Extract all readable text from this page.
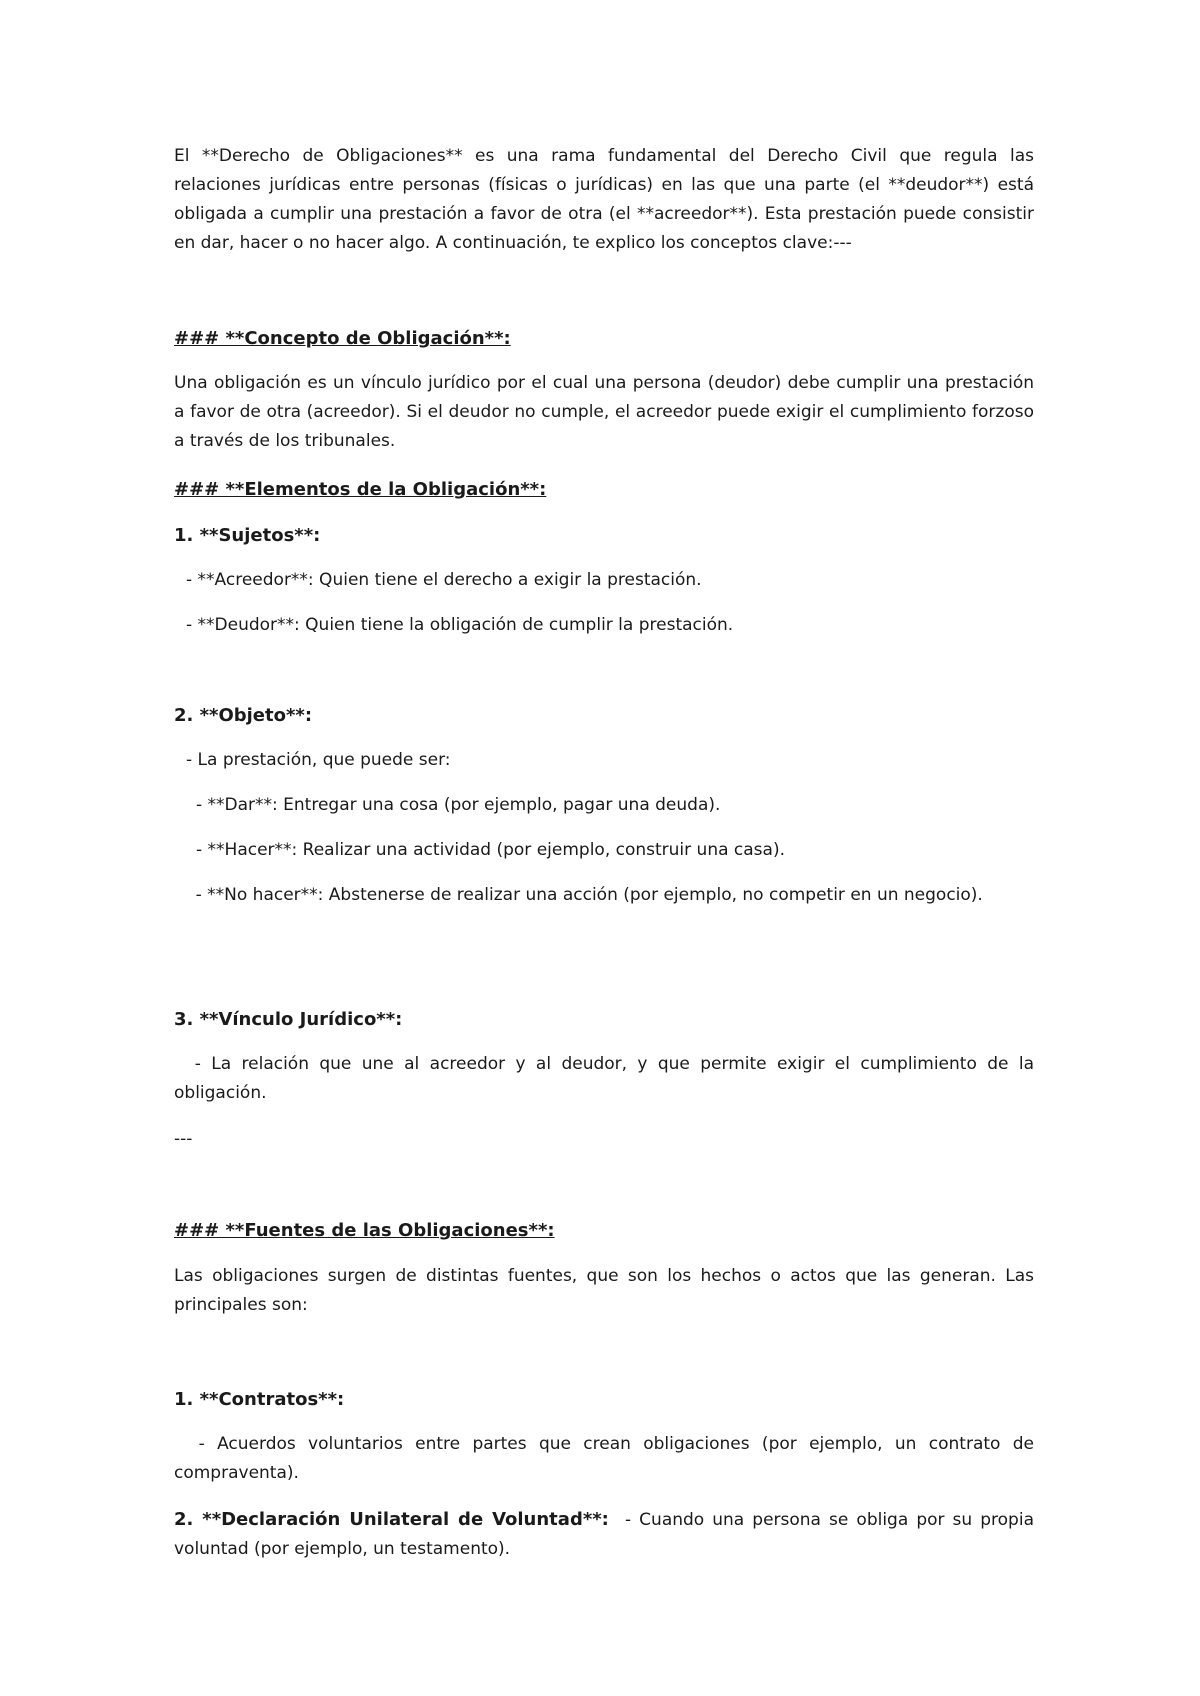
El **Derecho de Obligaciones** es una rama fundamental del Derecho Civil que regula las relaciones jurídicas entre personas (físicas o jurídicas) en las que una parte (el **deudor**) está obligada a cumplir una prestación a favor de otra (el **acreedor**). Esta prestación puede consistir en dar, hacer o no hacer algo. A continuación, te explico los conceptos clave:---

### **Concepto de Obligación**:

Una obligación es un vínculo jurídico por el cual una persona (deudor) debe cumplir una prestación a favor de otra (acreedor). Si el deudor no cumple, el acreedor puede exigir el cumplimiento forzoso a través de los tribunales.

### **Elementos de la Obligación**:

1. **Sujetos**:

- **Acreedor**: Quien tiene el derecho a exigir la prestación.

- **Deudor**: Quien tiene la obligación de cumplir la prestación.

2. **Objeto**:

- La prestación, que puede ser:

- **Dar**: Entregar una cosa (por ejemplo, pagar una deuda).

- **Hacer**: Realizar una actividad (por ejemplo, construir una casa).

- **No hacer**: Abstenerse de realizar una acción (por ejemplo, no competir en un negocio).

3. **Vínculo Jurídico**:

- La relación que une al acreedor y al deudor, y que permite exigir el cumplimiento de la obligación.

---

### **Fuentes de las Obligaciones**:

Las obligaciones surgen de distintas fuentes, que son los hechos o actos que las generan. Las principales son:

1. **Contratos**:

- Acuerdos voluntarios entre partes que crean obligaciones (por ejemplo, un contrato de compraventa).

2. **Declaración Unilateral de Voluntad**:  - Cuando una persona se obliga por su propia voluntad (por ejemplo, un testamento).
